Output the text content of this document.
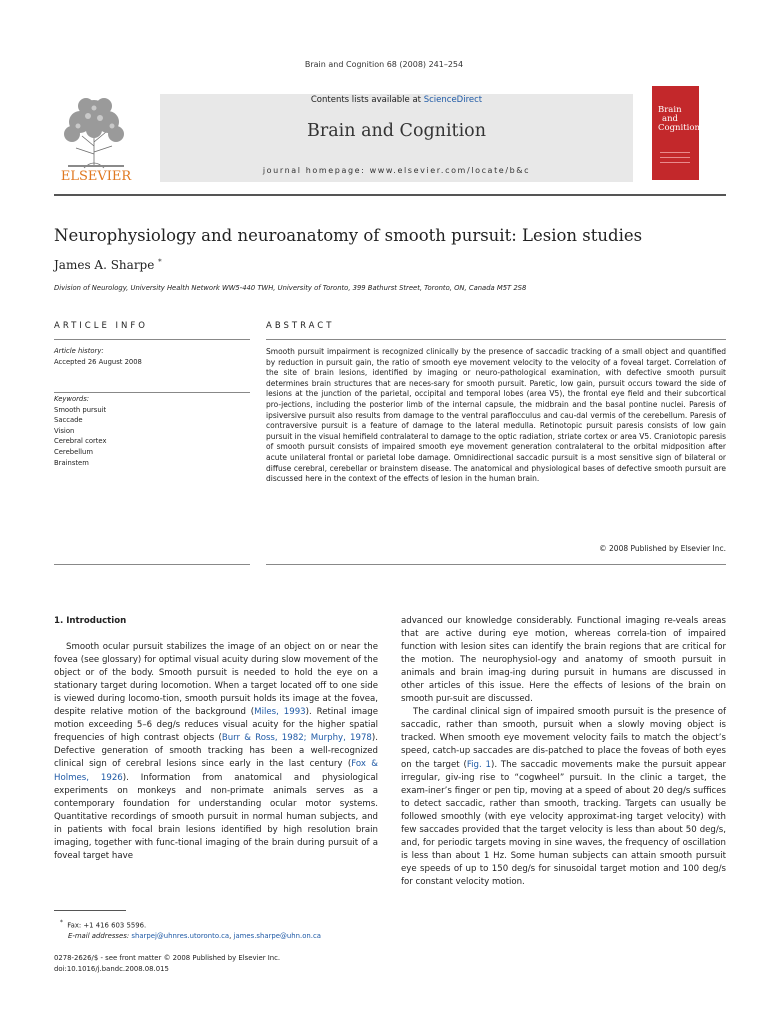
Brain and Cognition 68 (2008) 241–254
ELSEVIER
Contents lists available at ScienceDirect
Brain and Cognition
journal homepage: www.elsevier.com/locate/b&c
Brain
and
Cognition
Neurophysiology and neuroanatomy of smooth pursuit: Lesion studies
James A. Sharpe *
Division of Neurology, University Health Network WW5-440 TWH, University of Toronto, 399 Bathurst Street, Toronto, ON, Canada M5T 2S8
ARTICLE INFO	ABSTRACT
Article history:
Accepted 26 August 2008
Keywords:
Smooth pursuit
Saccade
Vision
Cerebral cortex
Cerebellum
Brainstem
Smooth pursuit impairment is recognized clinically by the presence of saccadic tracking of a small object and quantified by reduction in pursuit gain, the ratio of smooth eye movement velocity to the velocity of a foveal target. Correlation of the site of brain lesions, identified by imaging or neuro-pathological examination, with defective smooth pursuit determines brain structures that are neces-sary for smooth pursuit. Paretic, low gain, pursuit occurs toward the side of lesions at the junction of the parietal, occipital and temporal lobes (area V5), the frontal eye field and their subcortical pro-jections, including the posterior limb of the internal capsule, the midbrain and the basal pontine nuclei. Paresis of ipsiversive pursuit also results from damage to the ventral paraflocculus and cau-dal vermis of the cerebellum. Paresis of contraversive pursuit is a feature of damage to the lateral medulla. Retinotopic pursuit paresis consists of low gain pursuit in the visual hemifield contralateral to damage to the optic radiation, striate cortex or area V5. Craniotopic paresis of smooth pursuit consists of impaired smooth eye movement generation contralateral to the orbital midposition after acute unilateral frontal or parietal lobe damage. Omnidirectional saccadic pursuit is a most sensitive sign of bilateral or diffuse cerebral, cerebellar or brainstem disease. The anatomical and physiological bases of defective smooth pursuit are discussed here in the context of the effects of lesion in the human brain.
© 2008 Published by Elsevier Inc.
1. Introduction

Smooth ocular pursuit stabilizes the image of an object on or near the fovea (see glossary) for optimal visual acuity during slow movement of the object or of the body. Smooth pursuit is needed to hold the eye on a stationary target during locomotion. When a target located off to one side is viewed during locomo-tion, smooth pursuit holds its image at the fovea, despite relative motion of the background (Miles, 1993). Retinal image motion exceeding 5–6 deg/s reduces visual acuity for the higher spatial frequencies of high contrast objects (Burr & Ross, 1982; Murphy, 1978). Defective generation of smooth tracking has been a well-recognized clinical sign of cerebral lesions since early in the last century (Fox & Holmes, 1926). Information from anatomical and physiological experiments on monkeys and non-primate animals serves as a contemporary foundation for understanding ocular motor systems. Quantitative recordings of smooth pursuit in normal human subjects, and in patients with focal brain lesions identified by high resolution brain imaging, together with func-tional imaging of the brain during pursuit of a foveal target have

advanced our knowledge considerably. Functional imaging re-veals areas that are active during eye motion, whereas correla-tion of impaired function with lesion sites can identify the brain regions that are critical for the motion. The neurophysiol-ogy and anatomy of smooth pursuit in animals and brain imag-ing during pursuit in humans are discussed in other articles of this issue. Here the effects of lesions of the brain on smooth pur-suit are discussed.

The cardinal clinical sign of impaired smooth pursuit is the presence of saccadic, rather than smooth, pursuit when a slowly moving object is tracked. When smooth eye movement velocity fails to match the object’s speed, catch-up saccades are dis-patched to place the foveas of both eyes on the target (Fig. 1). The saccadic movements make the pursuit appear irregular, giv-ing rise to “cogwheel” pursuit. In the clinic a target, the exam-iner’s finger or pen tip, moving at a speed of about 20 deg/s suffices to detect saccadic, rather than smooth, tracking. Targets can usually be followed smoothly (with eye velocity approximat-ing target velocity) with few saccades provided that the target velocity is less than about 50 deg/s, and, for periodic targets moving in sine waves, the frequency of oscillation is less than about 1 Hz. Some human subjects can attain smooth pursuit eye speeds of up to 150 deg/s for sinusoidal target motion and 100 deg/s for constant velocity motion.

* Fax: +1 416 603 5596.
E-mail addresses: sharpej@uhnres.utoronto.ca, james.sharpe@uhn.on.ca
0278-2626/$ - see front matter © 2008 Published by Elsevier Inc.
doi:10.1016/j.bandc.2008.08.015
